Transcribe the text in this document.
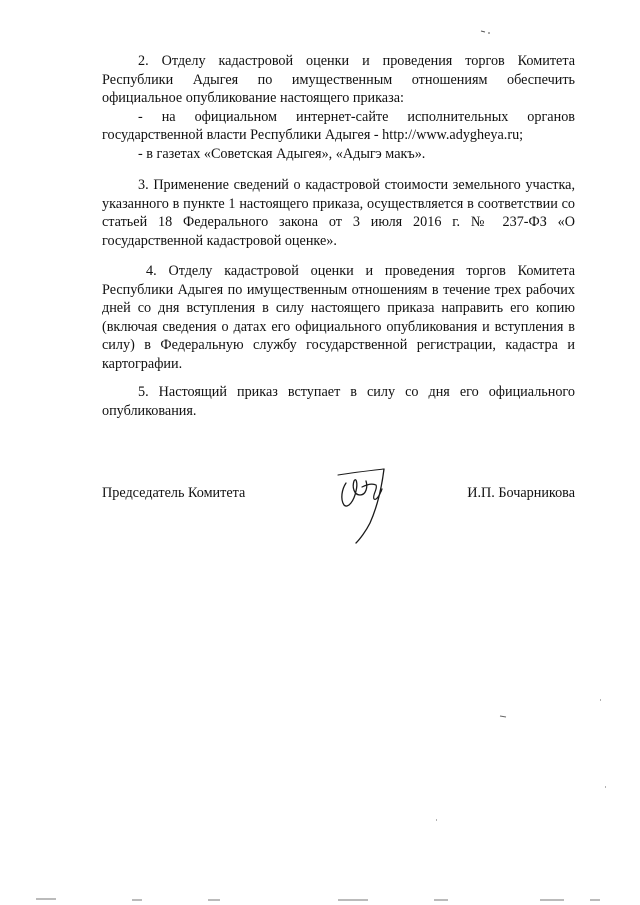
2. Отделу кадастровой оценки и проведения торгов Комитета Республики Адыгея по имущественным отношениям обеспечить официальное опубликование настоящего приказа:

- на официальном интернет-сайте исполнительных органов государственной власти Республики Адыгея - http://www.adygheya.ru;

- в газетах «Советская Адыгея», «Адыгэ макъ».

3. Применение сведений о кадастровой стоимости земельного участка, указанного в пункте 1 настоящего приказа, осуществляется в соответствии со статьей 18 Федерального закона от 3 июля 2016 г. № 237-ФЗ «О государственной кадастровой оценке».

4. Отделу кадастровой оценки и проведения торгов Комитета Республики Адыгея по имущественным отношениям в течение трех рабочих дней со дня вступления в силу настоящего приказа направить его копию (включая сведения о датах его официального опубликования и вступления в силу) в Федеральную службу государственной регистрации, кадастра и картографии.

5. Настоящий приказ вступает в силу со дня его официального опубликования.

Председатель Комитета	И.П. Бочарникова
